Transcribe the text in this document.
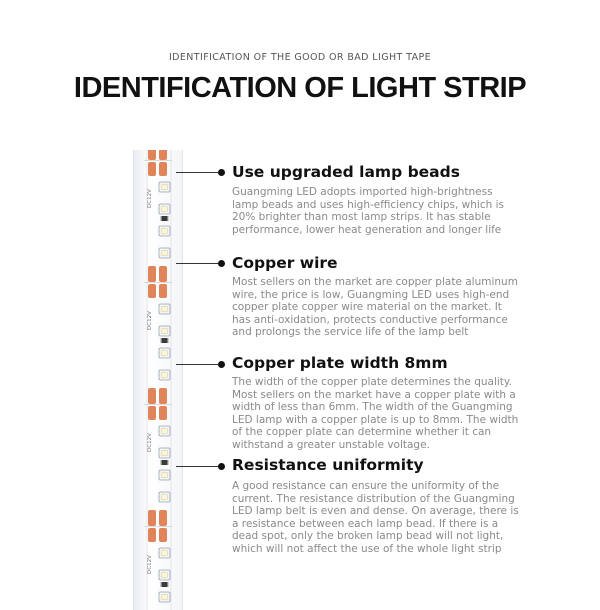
IDENTIFICATION OF THE GOOD OR BAD LIGHT TAPE
IDENTIFICATION OF LIGHT STRIP
DC12V
DC12V
DC12V
DC12V
Use upgraded lamp beads
Guangming LED adopts imported high-brightness lamp beads and uses high-efficiency chips, which is 20% brighter than most lamp strips. It has stable performance, lower heat generation and longer life
Copper wire
Most sellers on the market are copper plate aluminum wire, the price is low, Guangming LED uses high-end copper plate copper wire material on the market. It has anti-oxidation, protects conductive performance and prolongs the service life of the lamp belt
Copper plate width 8mm
The width of the copper plate determines the quality. Most sellers on the market have a copper plate with a width of less than 6mm. The width of the Guangming LED lamp with a copper plate is up to 8mm. The width of the copper plate can determine whether it can withstand a greater unstable voltage.
Resistance uniformity
A good resistance can ensure the uniformity of the current. The resistance distribution of the Guangming LED lamp belt is even and dense. On average, there is a resistance between each lamp bead. If there is a dead spot, only the broken lamp bead will not light, which will not affect the use of the whole light strip
